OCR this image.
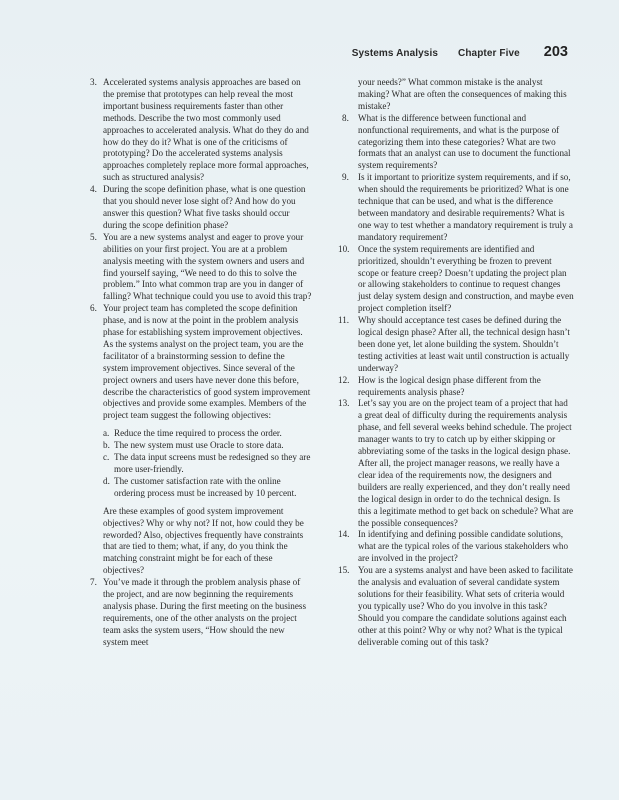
Systems Analysis Chapter Five 203

3. Accelerated systems analysis approaches are based on the premise that prototypes can help reveal the most important business requirements faster than other methods. Describe the two most commonly used approaches to accelerated analysis. What do they do and how do they do it? What is one of the criticisms of prototyping? Do the accelerated systems analysis approaches completely replace more formal approaches, such as structured analysis?

4. During the scope definition phase, what is one question that you should never lose sight of? And how do you answer this question? What five tasks should occur during the scope definition phase?

5. You are a new systems analyst and eager to prove your abilities on your first project. You are at a problem analysis meeting with the system owners and users and find yourself saying, “We need to do this to solve the problem.” Into what common trap are you in danger of falling? What technique could you use to avoid this trap?

6. Your project team has completed the scope definition phase, and is now at the point in the problem analysis phase for establishing system improvement objectives. As the systems analyst on the project team, you are the facilitator of a brainstorming session to define the system improvement objectives. Since several of the project owners and users have never done this before, describe the characteristics of good system improvement objectives and provide some examples. Members of the project team suggest the following objectives:

a. Reduce the time required to process the order.

b. The new system must use Oracle to store data.

c. The data input screens must be redesigned so they are more user-friendly.

d. The customer satisfaction rate with the online ordering process must be increased by 10 percent.

Are these examples of good system improvement objectives? Why or why not? If not, how could they be reworded? Also, objectives frequently have constraints that are tied to them; what, if any, do you think the matching constraint might be for each of these objectives?

7. You’ve made it through the problem analysis phase of the project, and are now beginning the requirements analysis phase. During the first meeting on the business requirements, one of the other analysts on the project team asks the system users, “How should the new system meet

your needs?” What common mistake is the analyst making? What are often the consequences of making this mistake?

8. What is the difference between functional and nonfunctional requirements, and what is the purpose of categorizing them into these categories? What are two formats that an analyst can use to document the functional system requirements?

9. Is it important to prioritize system requirements, and if so, when should the requirements be prioritized? What is one technique that can be used, and what is the difference between mandatory and desirable requirements? What is one way to test whether a mandatory requirement is truly a mandatory requirement?

10. Once the system requirements are identified and prioritized, shouldn’t everything be frozen to prevent scope or feature creep? Doesn’t updating the project plan or allowing stakeholders to continue to request changes just delay system design and construction, and maybe even project completion itself?

11. Why should acceptance test cases be defined during the logical design phase? After all, the technical design hasn’t been done yet, let alone building the system. Shouldn’t testing activities at least wait until construction is actually underway?

12. How is the logical design phase different from the requirements analysis phase?

13. Let’s say you are on the project team of a project that had a great deal of difficulty during the requirements analysis phase, and fell several weeks behind schedule. The project manager wants to try to catch up by either skipping or abbreviating some of the tasks in the logical design phase. After all, the project manager reasons, we really have a clear idea of the requirements now, the designers and builders are really experienced, and they don’t really need the logical design in order to do the technical design. Is this a legitimate method to get back on schedule? What are the possible consequences?

14. In identifying and defining possible candidate solutions, what are the typical roles of the various stakeholders who are involved in the project?

15. You are a systems analyst and have been asked to facilitate the analysis and evaluation of several candidate system solutions for their feasibility. What sets of criteria would you typically use? Who do you involve in this task? Should you compare the candidate solutions against each other at this point? Why or why not? What is the typical deliverable coming out of this task?
